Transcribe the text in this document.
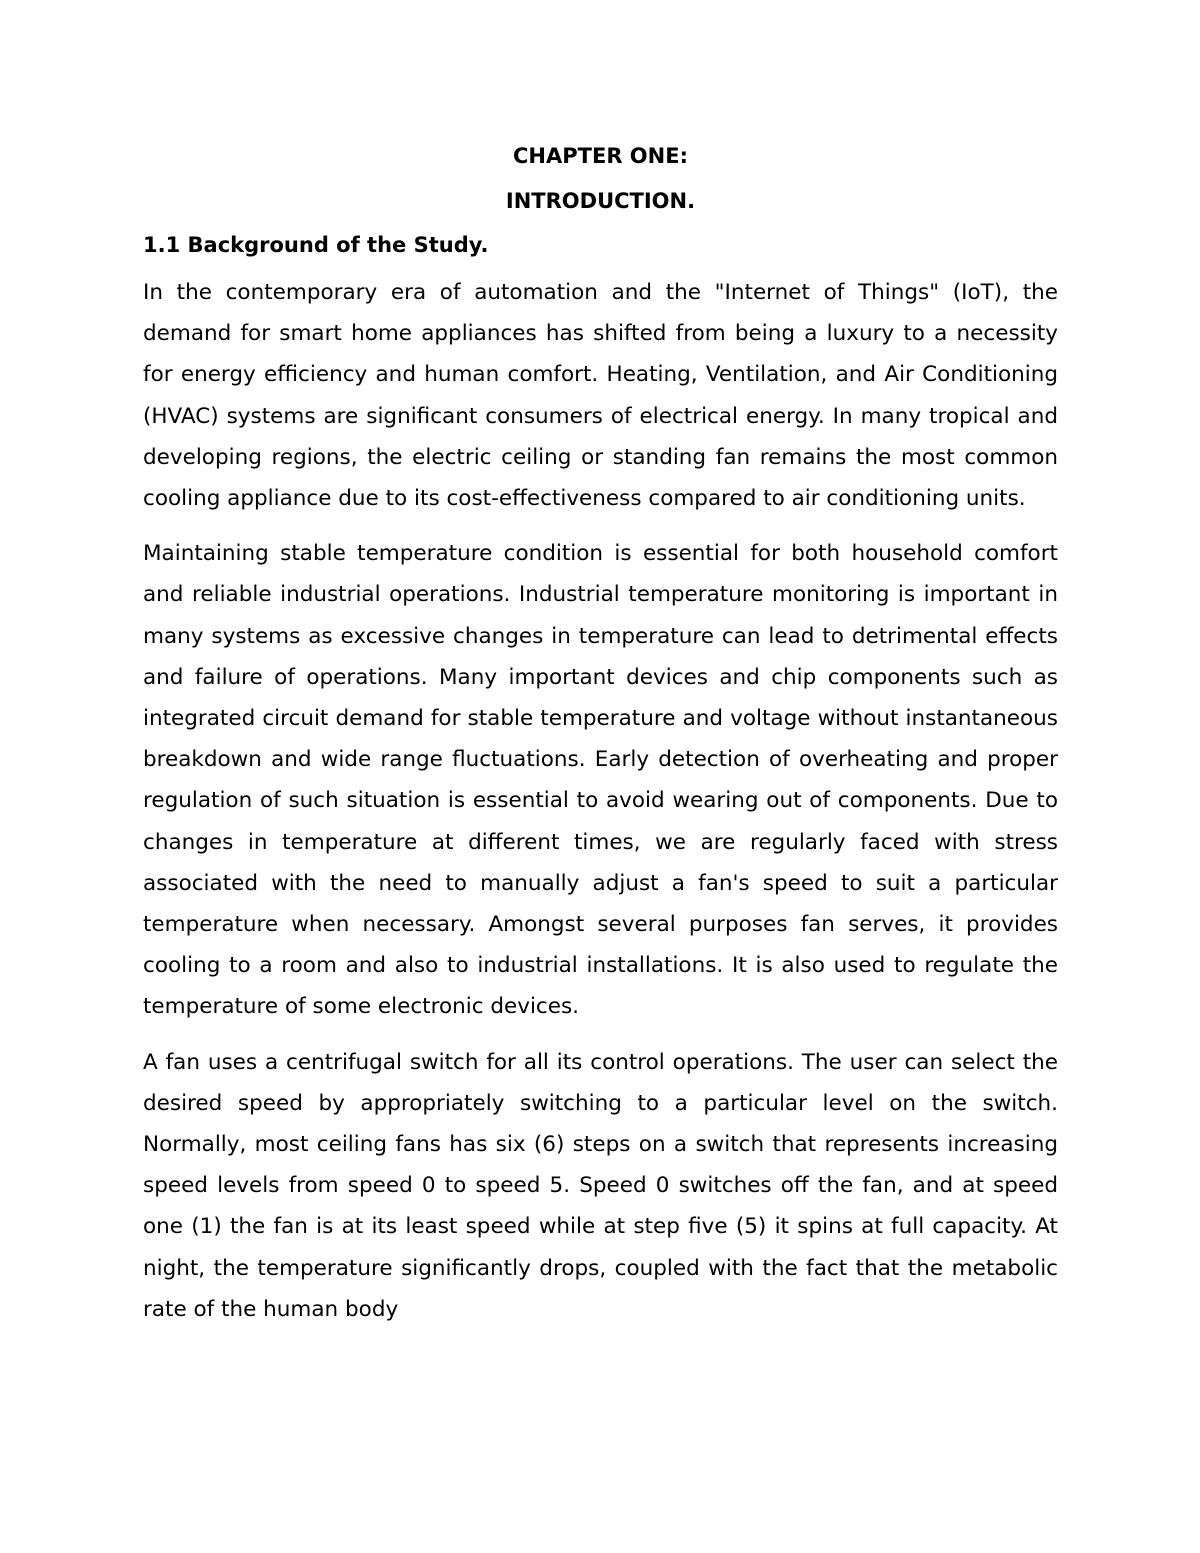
CHAPTER ONE:
INTRODUCTION.
1.1 Background of the Study.

In the contemporary era of automation and the "Internet of Things" (IoT), the demand for smart home appliances has shifted from being a luxury to a necessity for energy efficiency and human comfort. Heating, Ventilation, and Air Conditioning (HVAC) systems are significant consumers of electrical energy. In many tropical and developing regions, the electric ceiling or standing fan remains the most common cooling appliance due to its cost-effectiveness compared to air conditioning units.

Maintaining stable temperature condition is essential for both household comfort and reliable industrial operations. Industrial temperature monitoring is important in many systems as excessive changes in temperature can lead to detrimental effects and failure of operations. Many important devices and chip components such as integrated circuit demand for stable temperature and voltage without instantaneous breakdown and wide range fluctuations. Early detection of overheating and proper regulation of such situation is essential to avoid wearing out of components. Due to changes in temperature at different times, we are regularly faced with stress associated with the need to manually adjust a fan's speed to suit a particular temperature when necessary. Amongst several purposes fan serves, it provides cooling to a room and also to industrial installations. It is also used to regulate the temperature of some electronic devices.

A fan uses a centrifugal switch for all its control operations. The user can select the desired speed by appropriately switching to a particular level on the switch. Normally, most ceiling fans has six (6) steps on a switch that represents increasing speed levels from speed 0 to speed 5. Speed 0 switches off the fan, and at speed one (1) the fan is at its least speed while at step five (5) it spins at full capacity. At night, the temperature significantly drops, coupled with the fact that the metabolic rate of the human body
